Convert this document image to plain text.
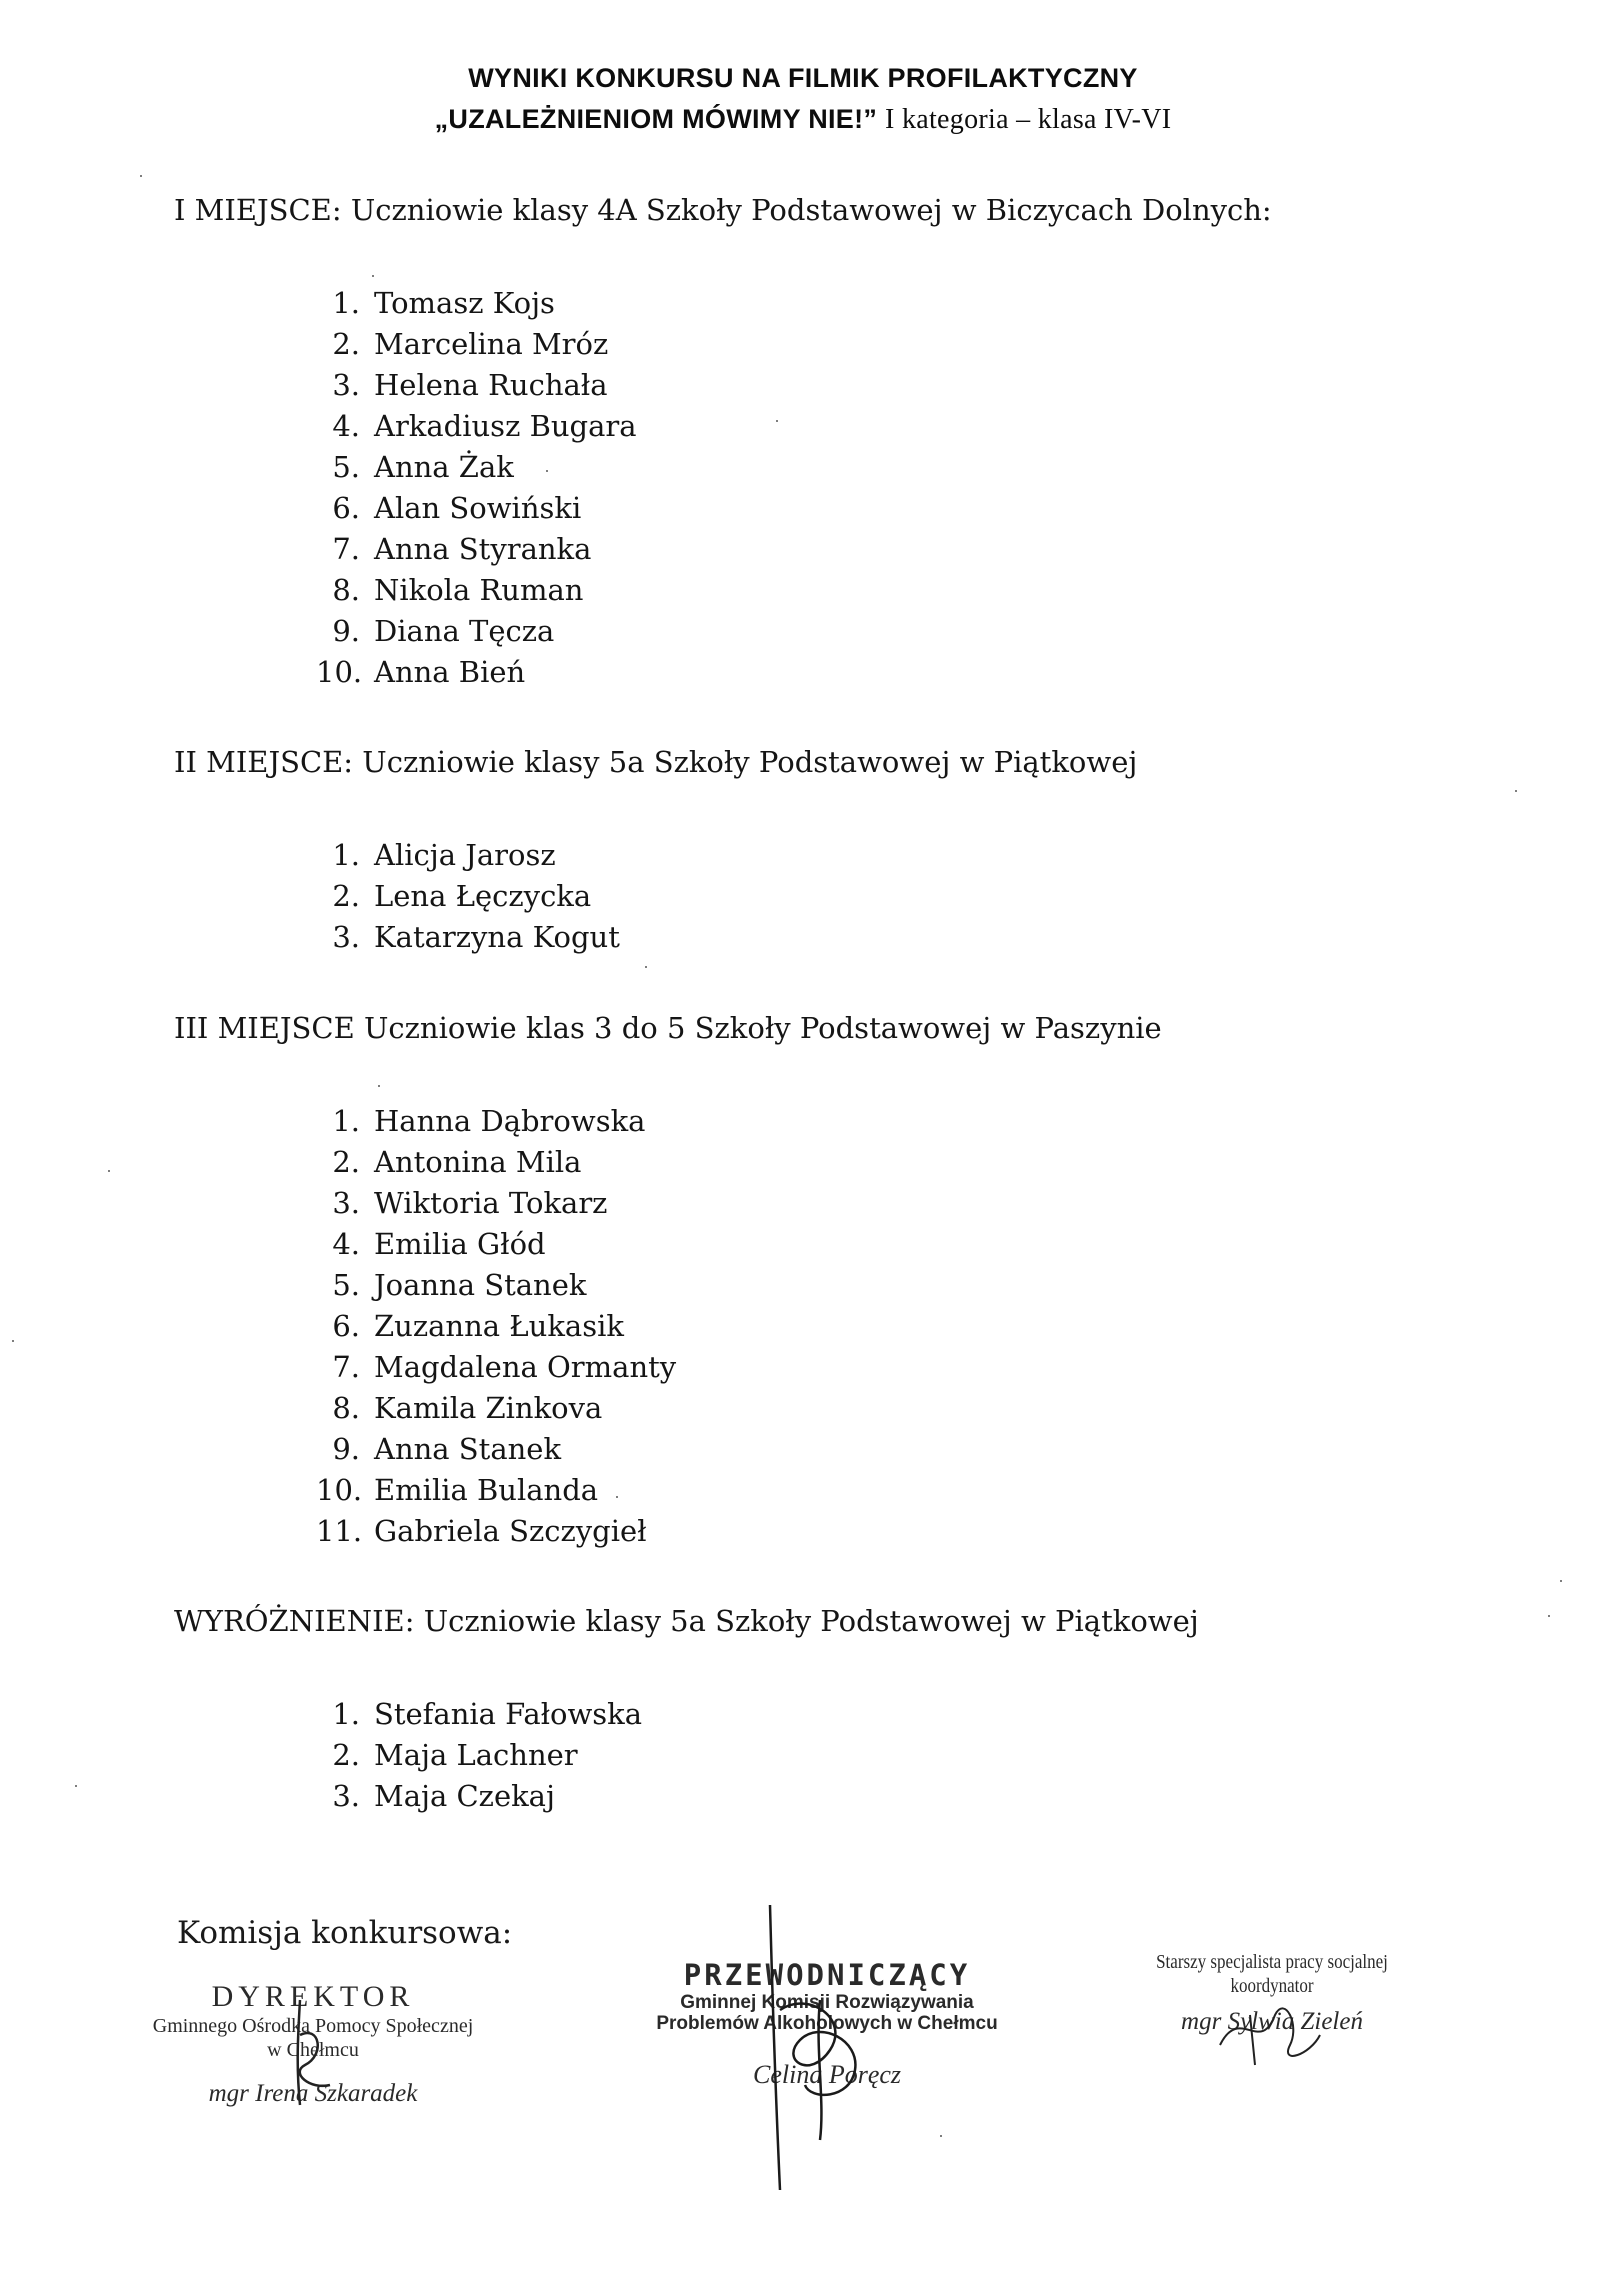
WYNIKI KONKURSU NA FILMIK PROFILAKTYCZNY
„UZALEŻNIENIOM MÓWIMY NIE!” I kategoria – klasa IV-VI
I MIEJSCE: Uczniowie klasy 4A Szkoły Podstawowej w Biczycach Dolnych:
1. Tomasz Kojs
2. Marcelina Mróz
3. Helena Ruchała
4. Arkadiusz Bugara
5. Anna Żak
6. Alan Sowiński
7. Anna Styranka
8. Nikola Ruman
9. Diana Tęcza
10. Anna Bień
II MIEJSCE: Uczniowie klasy 5a Szkoły Podstawowej w Piątkowej
1. Alicja Jarosz
2. Lena Łęczycka
3. Katarzyna Kogut
III MIEJSCE Uczniowie klas 3 do 5 Szkoły Podstawowej w Paszynie
1. Hanna Dąbrowska
2. Antonina Mila
3. Wiktoria Tokarz
4. Emilia Głód
5. Joanna Stanek
6. Zuzanna Łukasik
7. Magdalena Ormanty
8. Kamila Zinkova
9. Anna Stanek
10. Emilia Bulanda
11. Gabriela Szczygieł
WYRÓŻNIENIE: Uczniowie klasy 5a Szkoły Podstawowej w Piątkowej
1. Stefania Fałowska
2. Maja Lachner
3. Maja Czekaj
Komisja konkursowa:
DYREKTOR
Gminnego Ośrodka Pomocy Społecznej
w Chełmcu
mgr Irena Szkaradek
PRZEWODNICZĄCY
Gminnej Komisji Rozwiązywania
Problemów Alkoholowych w Chełmcu
Celina Poręcz
Starszy specjalista pracy socjalnej
koordynator
mgr Sylwia Zieleń
